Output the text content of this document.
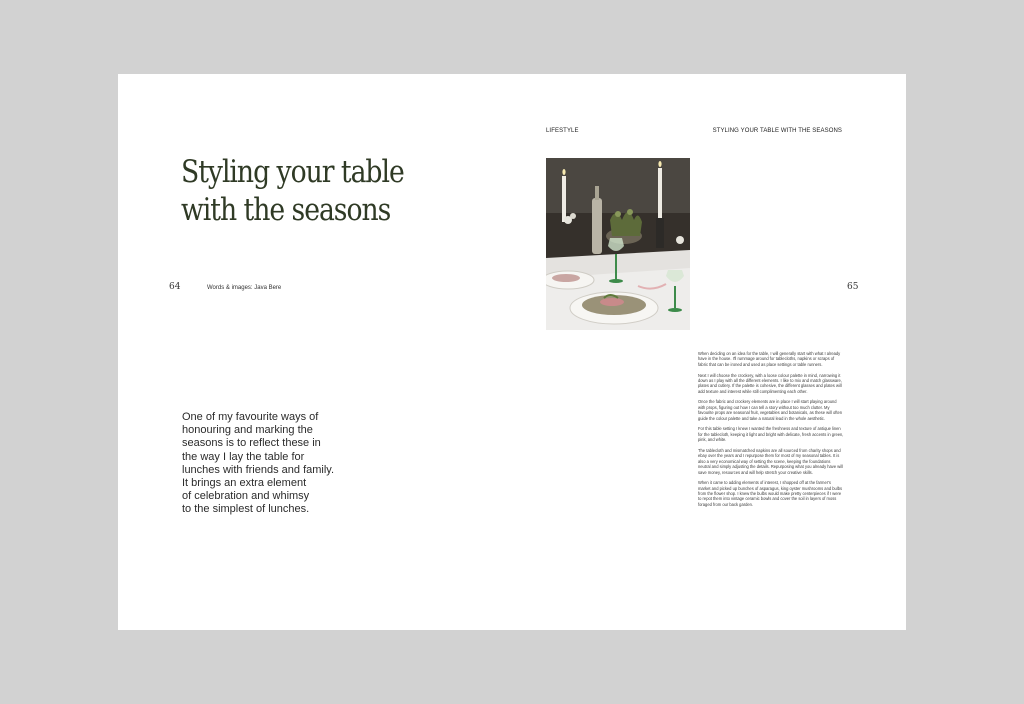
Styling your table
with the seasons
64	Words & images: Java Bere

One of my favourite ways of
honouring and marking the
seasons is to reflect these in
the way I lay the table for
lunches with friends and family.
It brings an extra element
of celebration and whimsy
to the simplest of lunches.

LIFESTYLE	STYLING YOUR TABLE WITH THE SEASONS
65

When deciding on an idea for the table, I will generally start with what I already have in the house. I'll rummage around for tablecloths, napkins or scraps of fabric that can be ironed and used as place settings or table runners.

Next I will choose the crockery, with a loose colour palette in mind, narrowing it down as I play with all the different elements. I like to mix and match glassware, plates and cutlery. If the palette is cohesive, the different glasses and plates will add texture and interest while still complimenting each other.

Once the fabric and crockery elements are in place I will start playing around with props, figuring out how I can tell a story without too much clutter. My favourite props are seasonal fruit, vegetables and botanicals, as these will often guide the colour palette and take a natural lead in the whole aesthetic.

For this table setting I knew I wanted the freshness and texture of antique linen for the tablecloth, keeping it light and bright with delicate, fresh accents in green, pink, and white.

The tablecloth and mismatched napkins are all sourced from charity shops and ebay over the years and I repurpose them for most of my seasonal tables. It is also a very economical way of setting the scene, keeping the foundations neutral and simply adjusting the details. Repurposing what you already have will save money, resources and will help stretch your creative skills.

When it came to adding elements of interest, I shopped off at the farmer's market and picked up bunches of asparagus, king oyster mushrooms and bulbs from the flower shop. I knew the bulbs would make pretty centerpieces if I were to repot them into vintage ceramic bowls and cover the soil in layers of moss foraged from our back garden.
